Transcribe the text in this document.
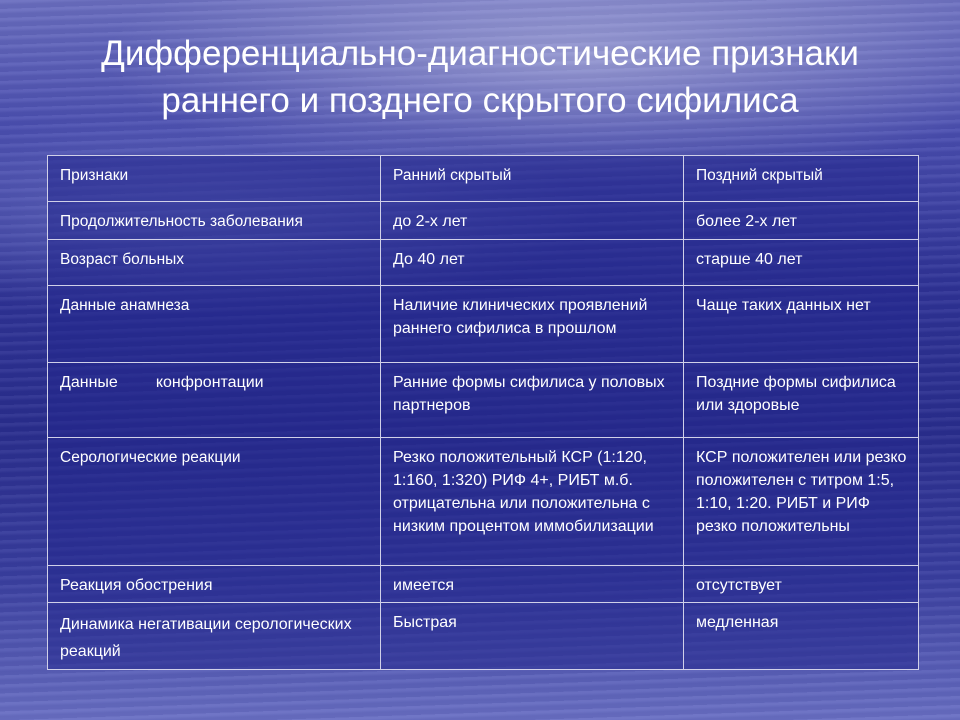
Дифференциально-диагностические признаки
раннего и позднего скрытого сифилиса
Признаки	Ранний скрытый	Поздний скрытый
Продолжительность заболевания	до 2-х лет	более 2-х лет
Возраст больных	До 40 лет	старше 40 лет
Данные анамнеза	Наличие клинических проявлений раннего сифилиса в прошлом	Чаще таких данных нет
Данные конфронтации	Ранние формы сифилиса у половых партнеров	Поздние формы сифилиса или здоровые
Серологические реакции	Резко положительный КСР (1:120, 1:160, 1:320) РИФ 4+, РИБТ м.б. отрицательна или положительна с низким процентом иммобилизации	КСР положителен или резко положителен с титром 1:5, 1:10, 1:20. РИБТ и РИФ резко положительны
Реакция обострения	имеется	отсутствует
Динамика негативации серологических реакций	Быстрая	медленная
